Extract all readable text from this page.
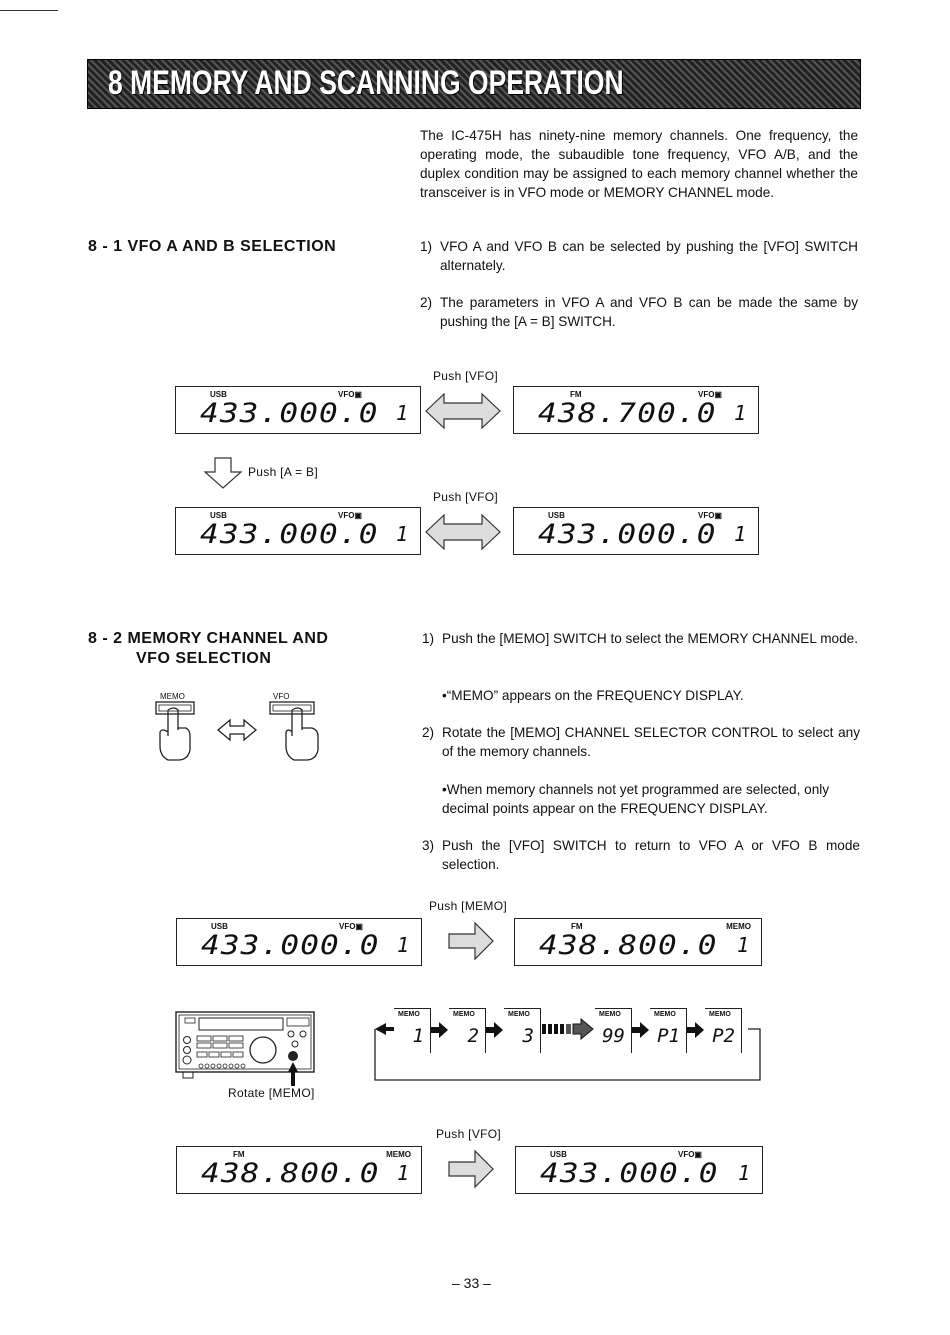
8 MEMORY AND SCANNING OPERATION
The IC-475H has ninety-nine memory channels. One frequency, the operating mode, the subaudible tone frequency, VFO A/B, and the duplex condition may be assigned to each memory channel whether the transceiver is in VFO mode or MEMORY CHANNEL mode.
8 - 1 VFO A AND B SELECTION	1) VFO A and VFO B can be selected by pushing the [VFO] SWITCH alternately.
2) The parameters in VFO A and VFO B can be made the same by pushing the [A = B] SWITCH.
Push [VFO]
USB	VFO▣
433.000.0 1
FM	VFO▣
438.700.0 1
Push [A = B]
Push [VFO]
USB	VFO▣
433.000.0 1
USB	VFO▣
433.000.0 1
8 - 2 MEMORY CHANNEL AND
VFO SELECTION
MEMO	VFO
1) Push the [MEMO] SWITCH to select the MEMORY CHANNEL mode.
•“MEMO” appears on the FREQUENCY DISPLAY.
2) Rotate the [MEMO] CHANNEL SELECTOR CONTROL to select any of the memory channels.
•When memory channels not yet programmed are selected, only decimal points appear on the FREQUENCY DISPLAY.
3) Push the [VFO] SWITCH to return to VFO A or VFO B mode selection.
Push [MEMO]
USB	VFO▣
433.000.0 1
FM	MEMO
438.800.0 1
Rotate [MEMO]
MEMO
1
MEMO
2
MEMO
3
MEMO
99
MEMO
P1
MEMO
P2
Push [VFO]
FM	MEMO
438.800.0 1
USB	VFO▣
433.000.0 1
– 33 –
